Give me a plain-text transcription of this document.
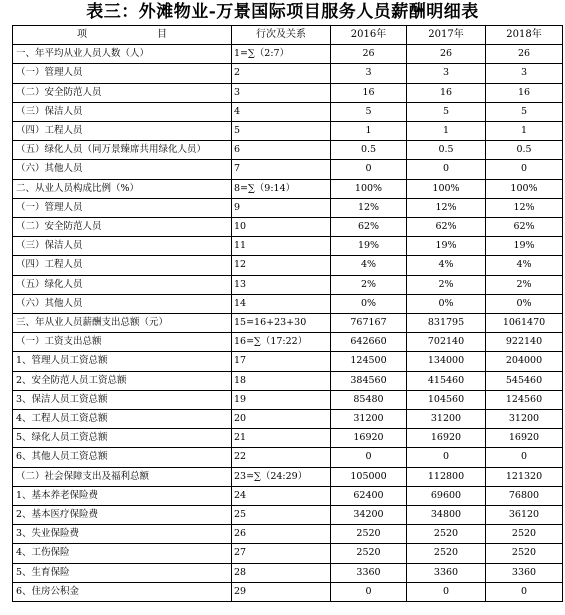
表三：外滩物业-万景国际项目服务人员薪酬明细表
项　　　　　　　目	行次及关系	2016年	2017年	2018年
一、年平均从业人员人数（人）	1=∑（2:7）	26	26	26
（一）管理人员	2	3	3	3
（二）安全防范人员	3	16	16	16
（三）保洁人员	4	5	5	5
（四）工程人员	5	1	1	1
（五）绿化人员（同万景臻席共用绿化人员）	6	0.5	0.5	0.5
（六）其他人员	7	0	0	0
二、从业人员构成比例（%）	8=∑（9:14）	100%	100%	100%
（一）管理人员	9	12%	12%	12%
（二）安全防范人员	10	62%	62%	62%
（三）保洁人员	11	19%	19%	19%
（四）工程人员	12	4%	4%	4%
（五）绿化人员	13	2%	2%	2%
（六）其他人员	14	0%	0%	0%
三、年从业人员薪酬支出总额（元）	15=16+23+30	767167	831795	1061470
（一）工资支出总额	16=∑（17:22）	642660	702140	922140
1、管理人员工资总额	17	124500	134000	204000
2、安全防范人员工资总额	18	384560	415460	545460
3、保洁人员工资总额	19	85480	104560	124560
4、工程人员工资总额	20	31200	31200	31200
5、绿化人员工资总额	21	16920	16920	16920
6、其他人员工资总额	22	0	0	0
（二）社会保障支出及福利总额	23=∑（24:29）	105000	112800	121320
1、基本养老保险费	24	62400	69600	76800
2、基本医疗保险费	25	34200	34800	36120
3、失业保险费	26	2520	2520	2520
4、工伤保险	27	2520	2520	2520
5、生育保险	28	3360	3360	3360
6、住房公积金	29	0	0	0
